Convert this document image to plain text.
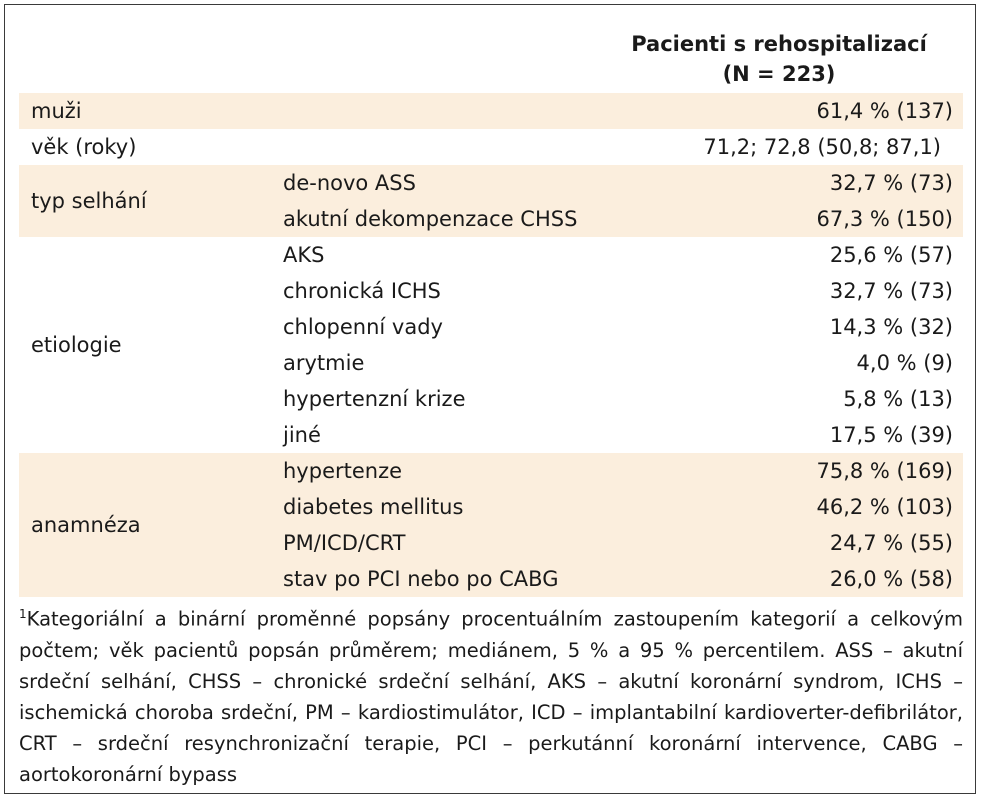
Pacienti s rehospitalizací
(N = 223)
muži		61,4 % (137)
věk (roky)		71,2; 72,8 (50,8; 87,1)
typ selhání	de-novo ASS	32,7 % (73)
	akutní dekompenzace CHSS	67,3 % (150)
etiologie	AKS	25,6 % (57)
	chronická ICHS	32,7 % (73)
	chlopenní vady	14,3 % (32)
	arytmie	4,0 % (9)
	hypertenzní krize	5,8 % (13)
	jiné	17,5 % (39)
anamnéza	hypertenze	75,8 % (169)
	diabetes mellitus	46,2 % (103)
	PM/ICD/CRT	24,7 % (55)
	stav po PCI nebo po CABG	26,0 % (58)
$^1$Kategoriální a binární proměnné popsány procentuálním zastoupením kategorií a celkovým počtem; věk pacientů popsán průměrem; mediánem, 5 % a 95 % percentilem. ASS – akutní srdeční selhání, CHSS – chronické srdeční selhání, AKS – akutní koronární syndrom, ICHS – ischemická choroba srdeční, PM – kardiostimulátor, ICD – implantabilní kardioverter-defibrilátor, CRT – srdeční resynchronizační terapie, PCI – perkutánní koronární intervence, CABG – aortokoronární bypass
